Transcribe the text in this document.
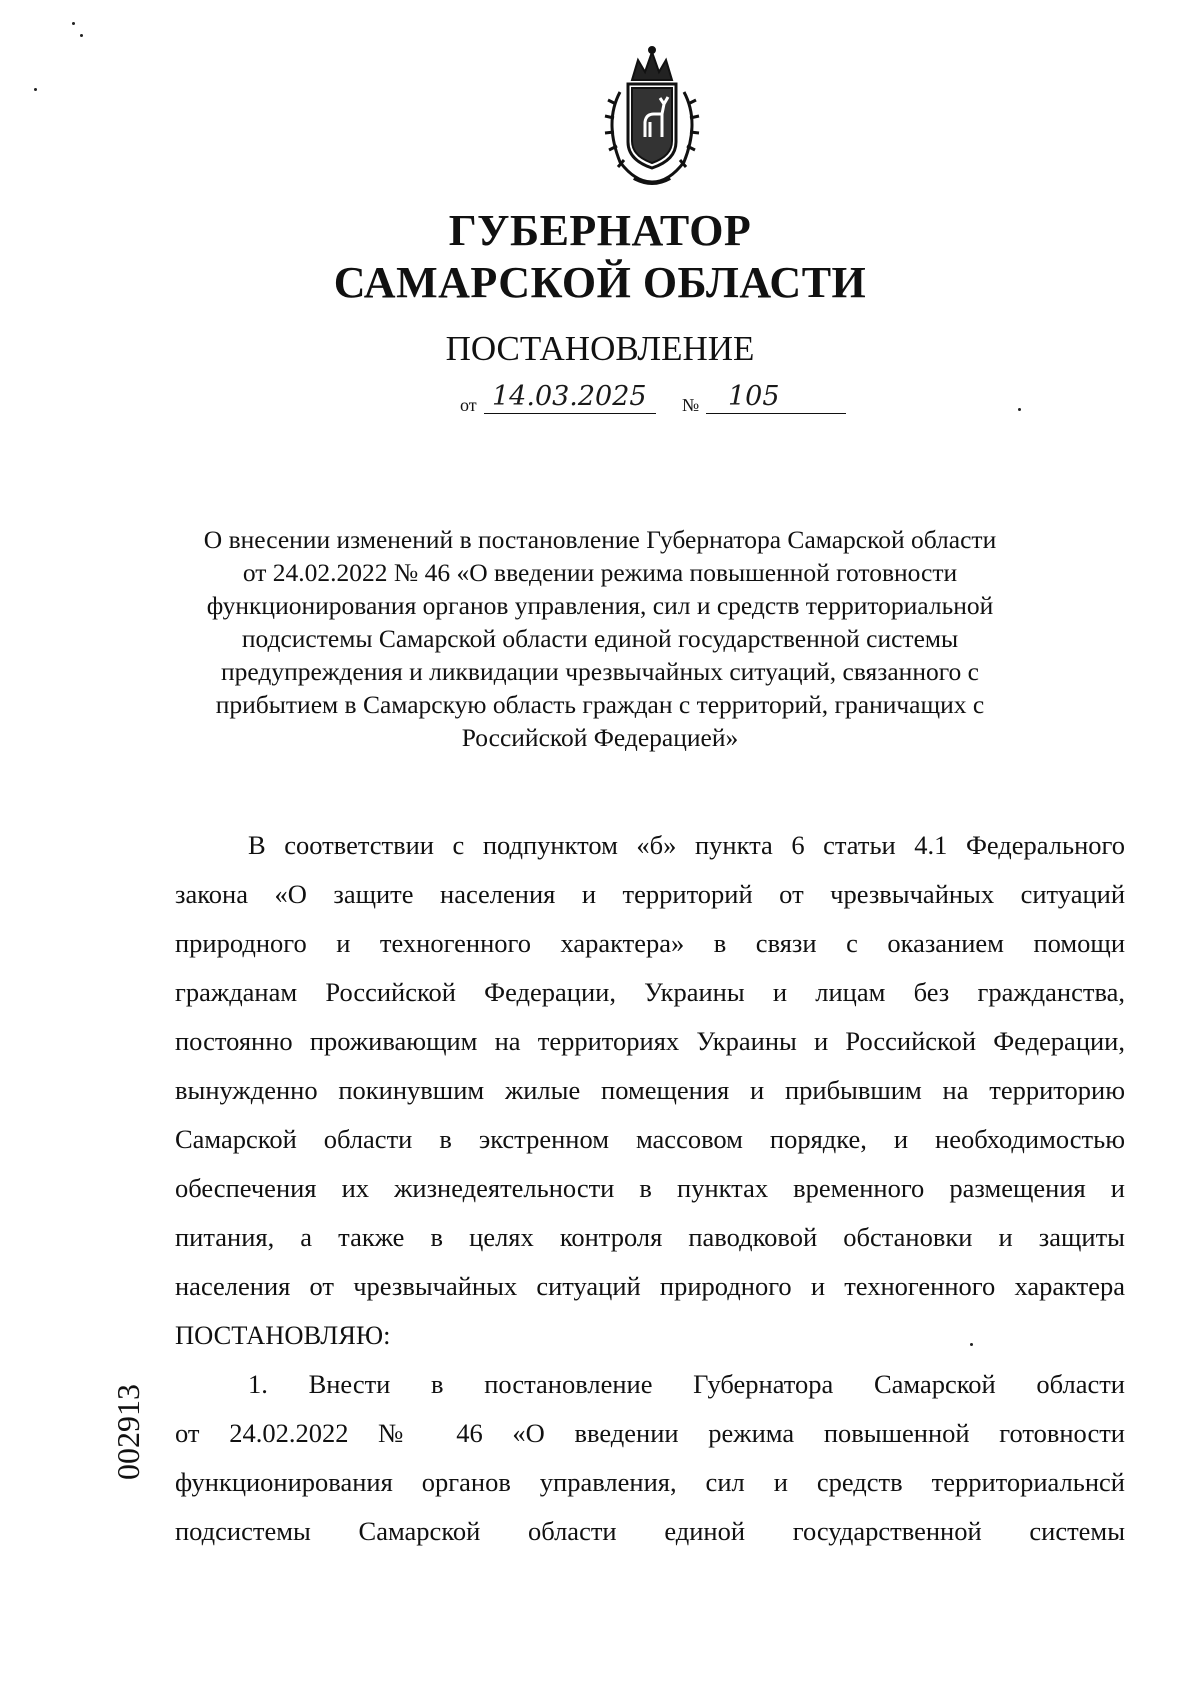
ГУБЕРНАТОР
САМАРСКОЙ ОБЛАСТИ
ПОСТАНОВЛЕНИЕ
от 14.03.2025 № 105
О внесении изменений в постановление Губернатора Самарской области
от 24.02.2022 № 46 «О введении режима повышенной готовности
функционирования органов управления, сил и средств территориальной
подсистемы Самарской области единой государственной системы
предупреждения и ликвидации чрезвычайных ситуаций, связанного с
прибытием в Самарскую область граждан с территорий, граничащих с
Российской Федерацией»
В соответствии с подпунктом «б» пункта 6 статьи 4.1 Федерального
закона «О защите населения и территорий от чрезвычайных ситуаций
природного и техногенного характера» в связи с оказанием помощи
гражданам Российской Федерации, Украины и лицам без гражданства,
постоянно проживающим на территориях Украины и Российской Федерации,
вынужденно покинувшим жилые помещения и прибывшим на территорию
Самарской области в экстренном массовом порядке, и необходимостью
обеспечения их жизнедеятельности в пунктах временного размещения и
питания, а также в целях контроля паводковой обстановки и защиты
населения от чрезвычайных ситуаций природного и техногенного характера
ПОСТАНОВЛЯЮ:
1. Внести в постановление Губернатора Самарской области
от 24.02.2022 № 46 «О введении режима повышенной готовности
функционирования органов управления, сил и средств территориальнсй
подсистемы Самарской области единой государственной системы
002913
